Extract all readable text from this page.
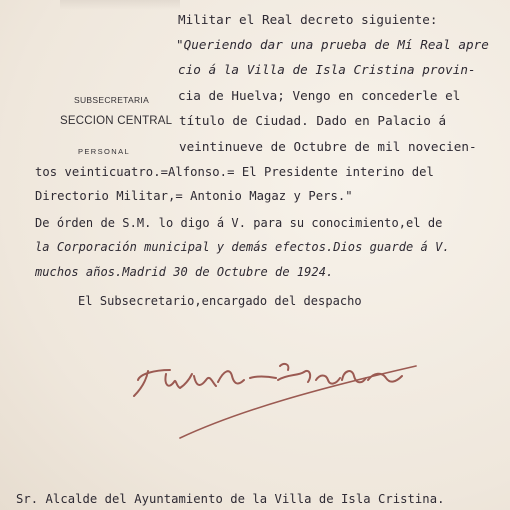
SUBSECRETARIA
SECCION CENTRAL
PERSONAL
Militar el Real decreto siguiente:
"Queriendo dar una prueba de Mí Real apre
cio á la Villa de Isla Cristina provin-
cia de Huelva; Vengo en concederle el
título de Ciudad. Dado en Palacio á
veintinueve de Octubre de mil novecien-
tos veinticuatro.=Alfonso.= El Presidente interino del
Directorio Militar,= Antonio Magaz y Pers."
De órden de S.M. lo digo á V. para su conocimiento,el de
la Corporación municipal y demás efectos.Dios guarde á V.
muchos años.Madrid 30 de Octubre de 1924.
El Subsecretario,encargado del despacho
Sr. Alcalde del Ayuntamiento de la Villa de Isla Cristina.
